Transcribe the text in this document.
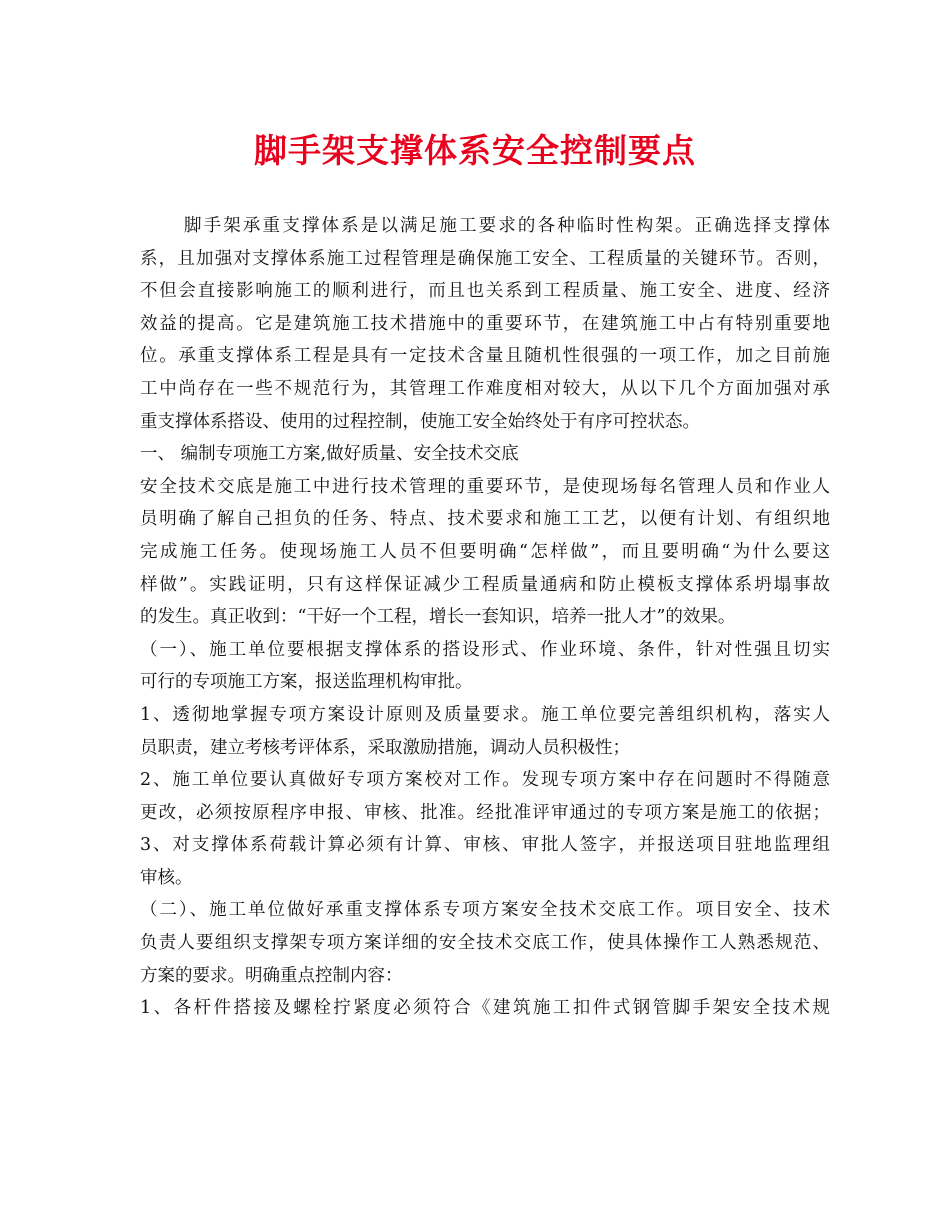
脚手架支撑体系安全控制要点
脚手架承重支撑体系是以满足施工要求的各种临时性构架。正确选择支撑体
系，且加强对支撑体系施工过程管理是确保施工安全、工程质量的关键环节。否则，
不但会直接影响施工的顺利进行，而且也关系到工程质量、施工安全、进度、经济
效益的提高。它是建筑施工技术措施中的重要环节，在建筑施工中占有特别重要地
位。承重支撑体系工程是具有一定技术含量且随机性很强的一项工作，加之目前施
工中尚存在一些不规范行为，其管理工作难度相对较大，从以下几个方面加强对承
重支撑体系搭设、使用的过程控制，使施工安全始终处于有序可控状态。
一、 编制专项施工方案,做好质量、安全技术交底
安全技术交底是施工中进行技术管理的重要环节，是使现场每名管理人员和作业人
员明确了解自己担负的任务、特点、技术要求和施工工艺，以便有计划、有组织地
完成施工任务。使现场施工人员不但要明确“怎样做”，而且要明确“为什么要这
样做”。实践证明，只有这样保证减少工程质量通病和防止模板支撑体系坍塌事故
的发生。真正收到：“干好一个工程，增长一套知识，培养一批人才”的效果。
（一）、施工单位要根据支撑体系的搭设形式、作业环境、条件，针对性强且切实
可行的专项施工方案，报送监理机构审批。
1、透彻地掌握专项方案设计原则及质量要求。施工单位要完善组织机构，落实人
员职责，建立考核考评体系，采取激励措施，调动人员积极性；
2、施工单位要认真做好专项方案校对工作。发现专项方案中存在问题时不得随意
更改，必须按原程序申报、审核、批准。经批准评审通过的专项方案是施工的依据；
3、对支撑体系荷载计算必须有计算、审核、审批人签字，并报送项目驻地监理组
审核。
（二）、施工单位做好承重支撑体系专项方案安全技术交底工作。项目安全、技术
负责人要组织支撑架专项方案详细的安全技术交底工作，使具体操作工人熟悉规范、
方案的要求。明确重点控制内容：
1、各杆件搭接及螺栓拧紧度必须符合《建筑施工扣件式钢管脚手架安全技术规
